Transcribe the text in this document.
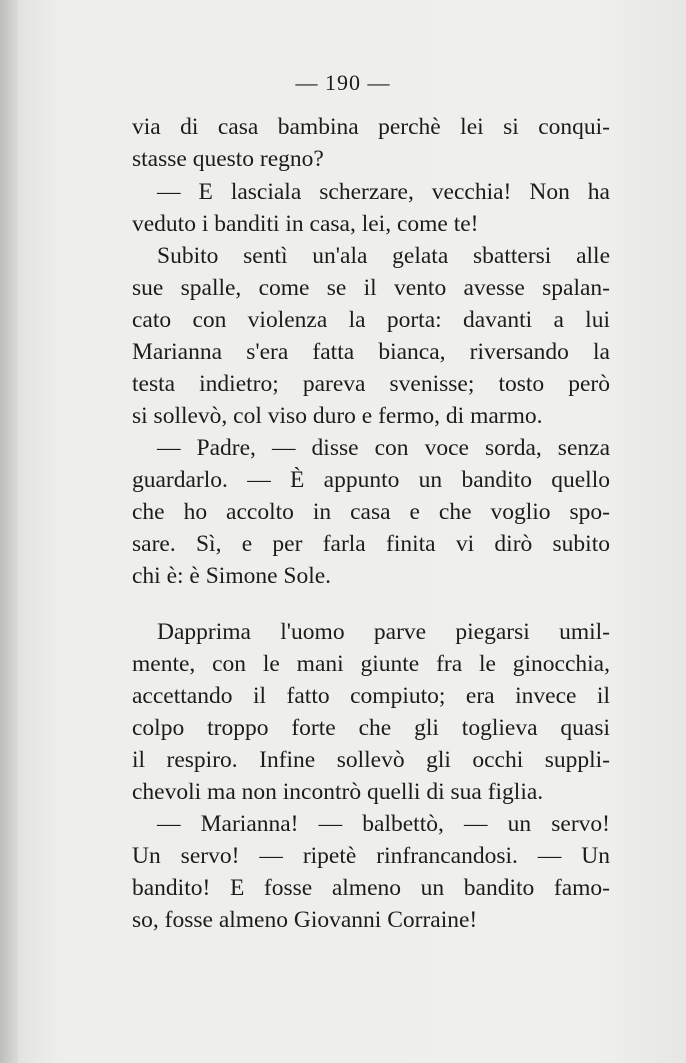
— 190 —
via di casa bambina perchè lei si conqui-
stasse questo regno?
— E lasciala scherzare, vecchia! Non ha
veduto i banditi in casa, lei, come te!
Subito sentì un'ala gelata sbattersi alle
sue spalle, come se il vento avesse spalan-
cato con violenza la porta: davanti a lui
Marianna s'era fatta bianca, riversando la
testa indietro; pareva svenisse; tosto però
si sollevò, col viso duro e fermo, di marmo.
— Padre, — disse con voce sorda, senza
guardarlo. — È appunto un bandito quello
che ho accolto in casa e che voglio spo-
sare. Sì, e per farla finita vi dirò subito
chi è: è Simone Sole.
Dapprima l'uomo parve piegarsi umil-
mente, con le mani giunte fra le ginocchia,
accettando il fatto compiuto; era invece il
colpo troppo forte che gli toglieva quasi
il respiro. Infine sollevò gli occhi suppli-
chevoli ma non incontrò quelli di sua figlia.
— Marianna! — balbettò, — un servo!
Un servo! — ripetè rinfrancandosi. — Un
bandito! E fosse almeno un bandito famo-
so, fosse almeno Giovanni Corraine!
